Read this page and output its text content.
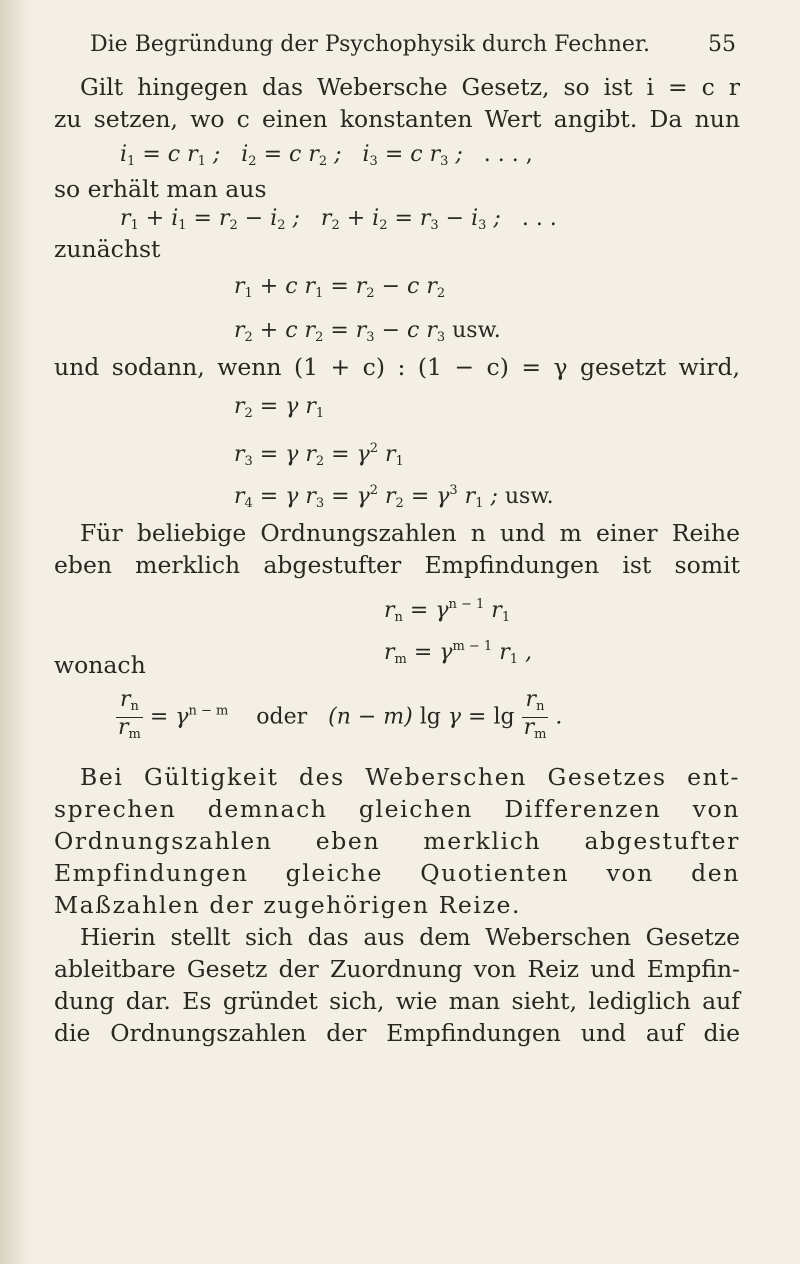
Die Begründung der Psychophysik durch Fechner.	55
Gilt hingegen das Webersche Gesetz, so ist i = c r
zu setzen, wo c einen konstanten Wert angibt. Da nun
$i_1 = c$ $r_1$ ;   $i_2 = c$ $r_2$ ;   $i_3 = c$ $r_3$ ;   . . . ,
so erhält man aus
$r_1 + i_1 = r_2 - i_2$ ;   $r_2 + i_2 = r_3 - i_3$ ;   . . .
zunächst
$r_1 + c$ $r_1 = r_2 - c$ $r_2$
$r_2 + c$ $r_2 = r_3 - c$ $r_3$ usw.
und sodann, wenn (1 + c) : (1 − c) = γ gesetzt wird,
$r_2 = \gamma$ $r_1$
$r_3 = \gamma$ $r_2 = \gamma^2$ $r_1$
$r_4 = \gamma$ $r_3 = \gamma^2$ $r_2 = \gamma^3$ $r_1$ ; usw.
Für beliebige Ordnungszahlen n und m einer Reihe
eben merklich abgestufter Empfindungen ist somit
$r_n = \gamma^{n - 1}$ $r_1$
$r_m = \gamma^{m - 1}$ $r_1$ ,
wonach
$\frac{r_n}{r_m} = \gamma^{n - m}$ oder   (n − m) $\lg \gamma = \lg \frac{r_n}{r_m}$ .
Bei Gültigkeit des Weberschen Gesetzes ent-
sprechen demnach gleichen Differenzen von
Ordnungszahlen eben merklich abgestufter
Empfindungen gleiche Quotienten von den
Maßzahlen der zugehörigen Reize.
Hierin stellt sich das aus dem Weberschen Gesetze
ableitbare Gesetz der Zuordnung von Reiz und Empfin-
dung dar. Es gründet sich, wie man sieht, lediglich auf
die Ordnungszahlen der Empfindungen und auf die
